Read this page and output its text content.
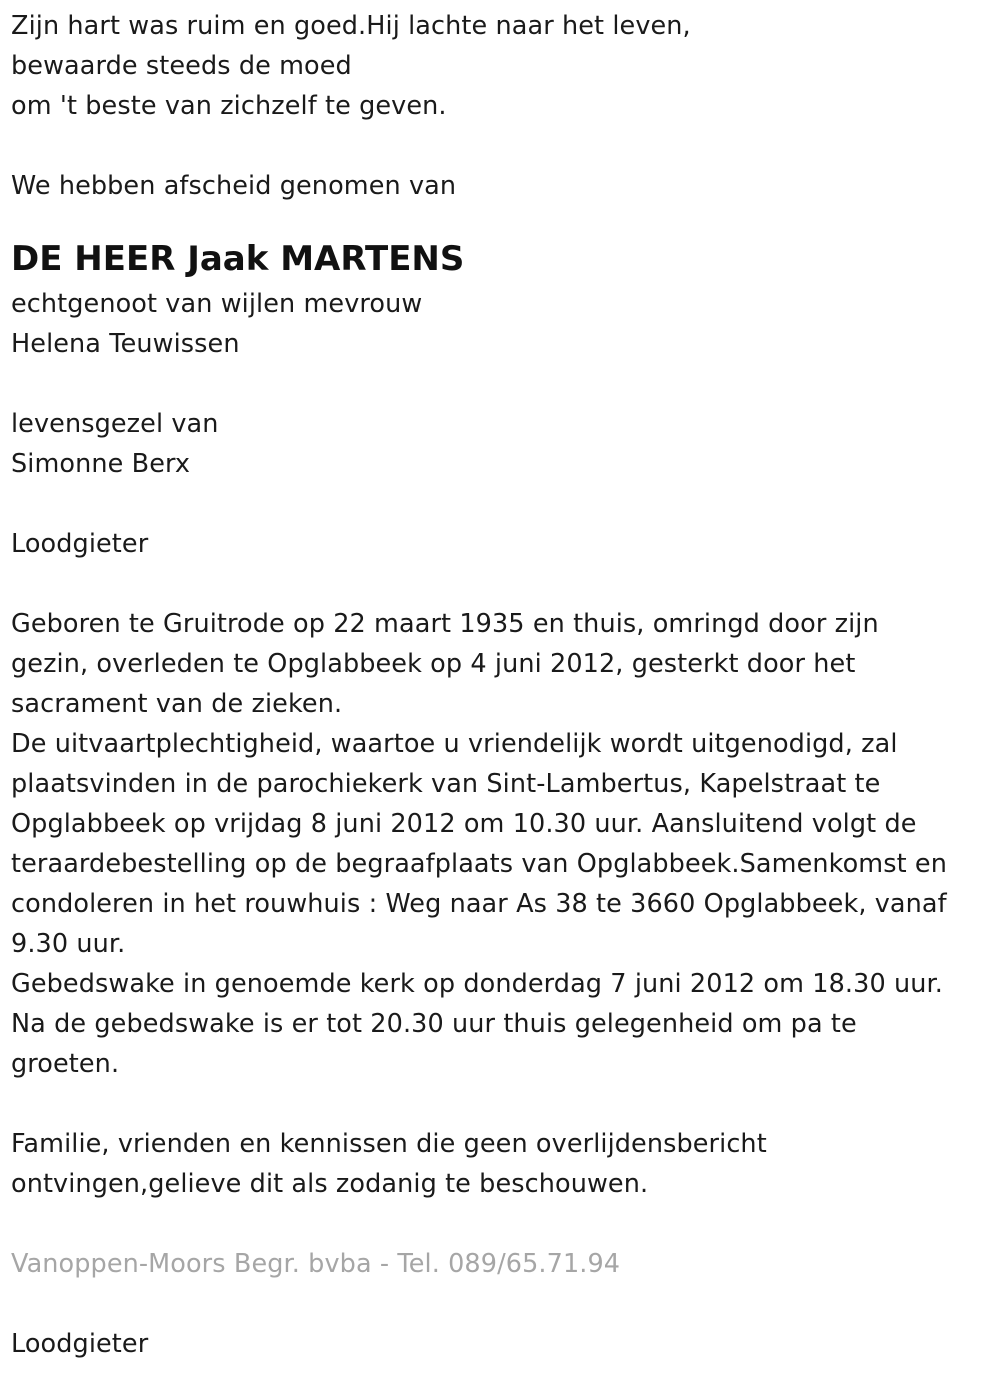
Zijn hart was ruim en goed.Hij lachte naar het leven,
bewaarde steeds de moed
om 't beste van zichzelf te geven.
We hebben afscheid genomen van
DE HEER Jaak MARTENS
echtgenoot van wijlen mevrouw
Helena Teuwissen
levensgezel van
Simonne Berx
Loodgieter
Geboren te Gruitrode op 22 maart 1935 en thuis, omringd door zijn
gezin, overleden te Opglabbeek op 4 juni 2012, gesterkt door het
sacrament van de zieken.
De uitvaartplechtigheid, waartoe u vriendelijk wordt uitgenodigd, zal
plaatsvinden in de parochiekerk van Sint-Lambertus, Kapelstraat te
Opglabbeek op vrijdag 8 juni 2012 om 10.30 uur. Aansluitend volgt de
teraardebestelling op de begraafplaats van Opglabbeek.Samenkomst en
condoleren in het rouwhuis : Weg naar As 38 te 3660 Opglabbeek, vanaf
9.30 uur.
Gebedswake in genoemde kerk op donderdag 7 juni 2012 om 18.30 uur.
Na de gebedswake is er tot 20.30 uur thuis gelegenheid om pa te
groeten.
Familie, vrienden en kennissen die geen overlijdensbericht
ontvingen,gelieve dit als zodanig te beschouwen.
Vanoppen-Moors Begr. bvba - Tel. 089/65.71.94
Loodgieter
